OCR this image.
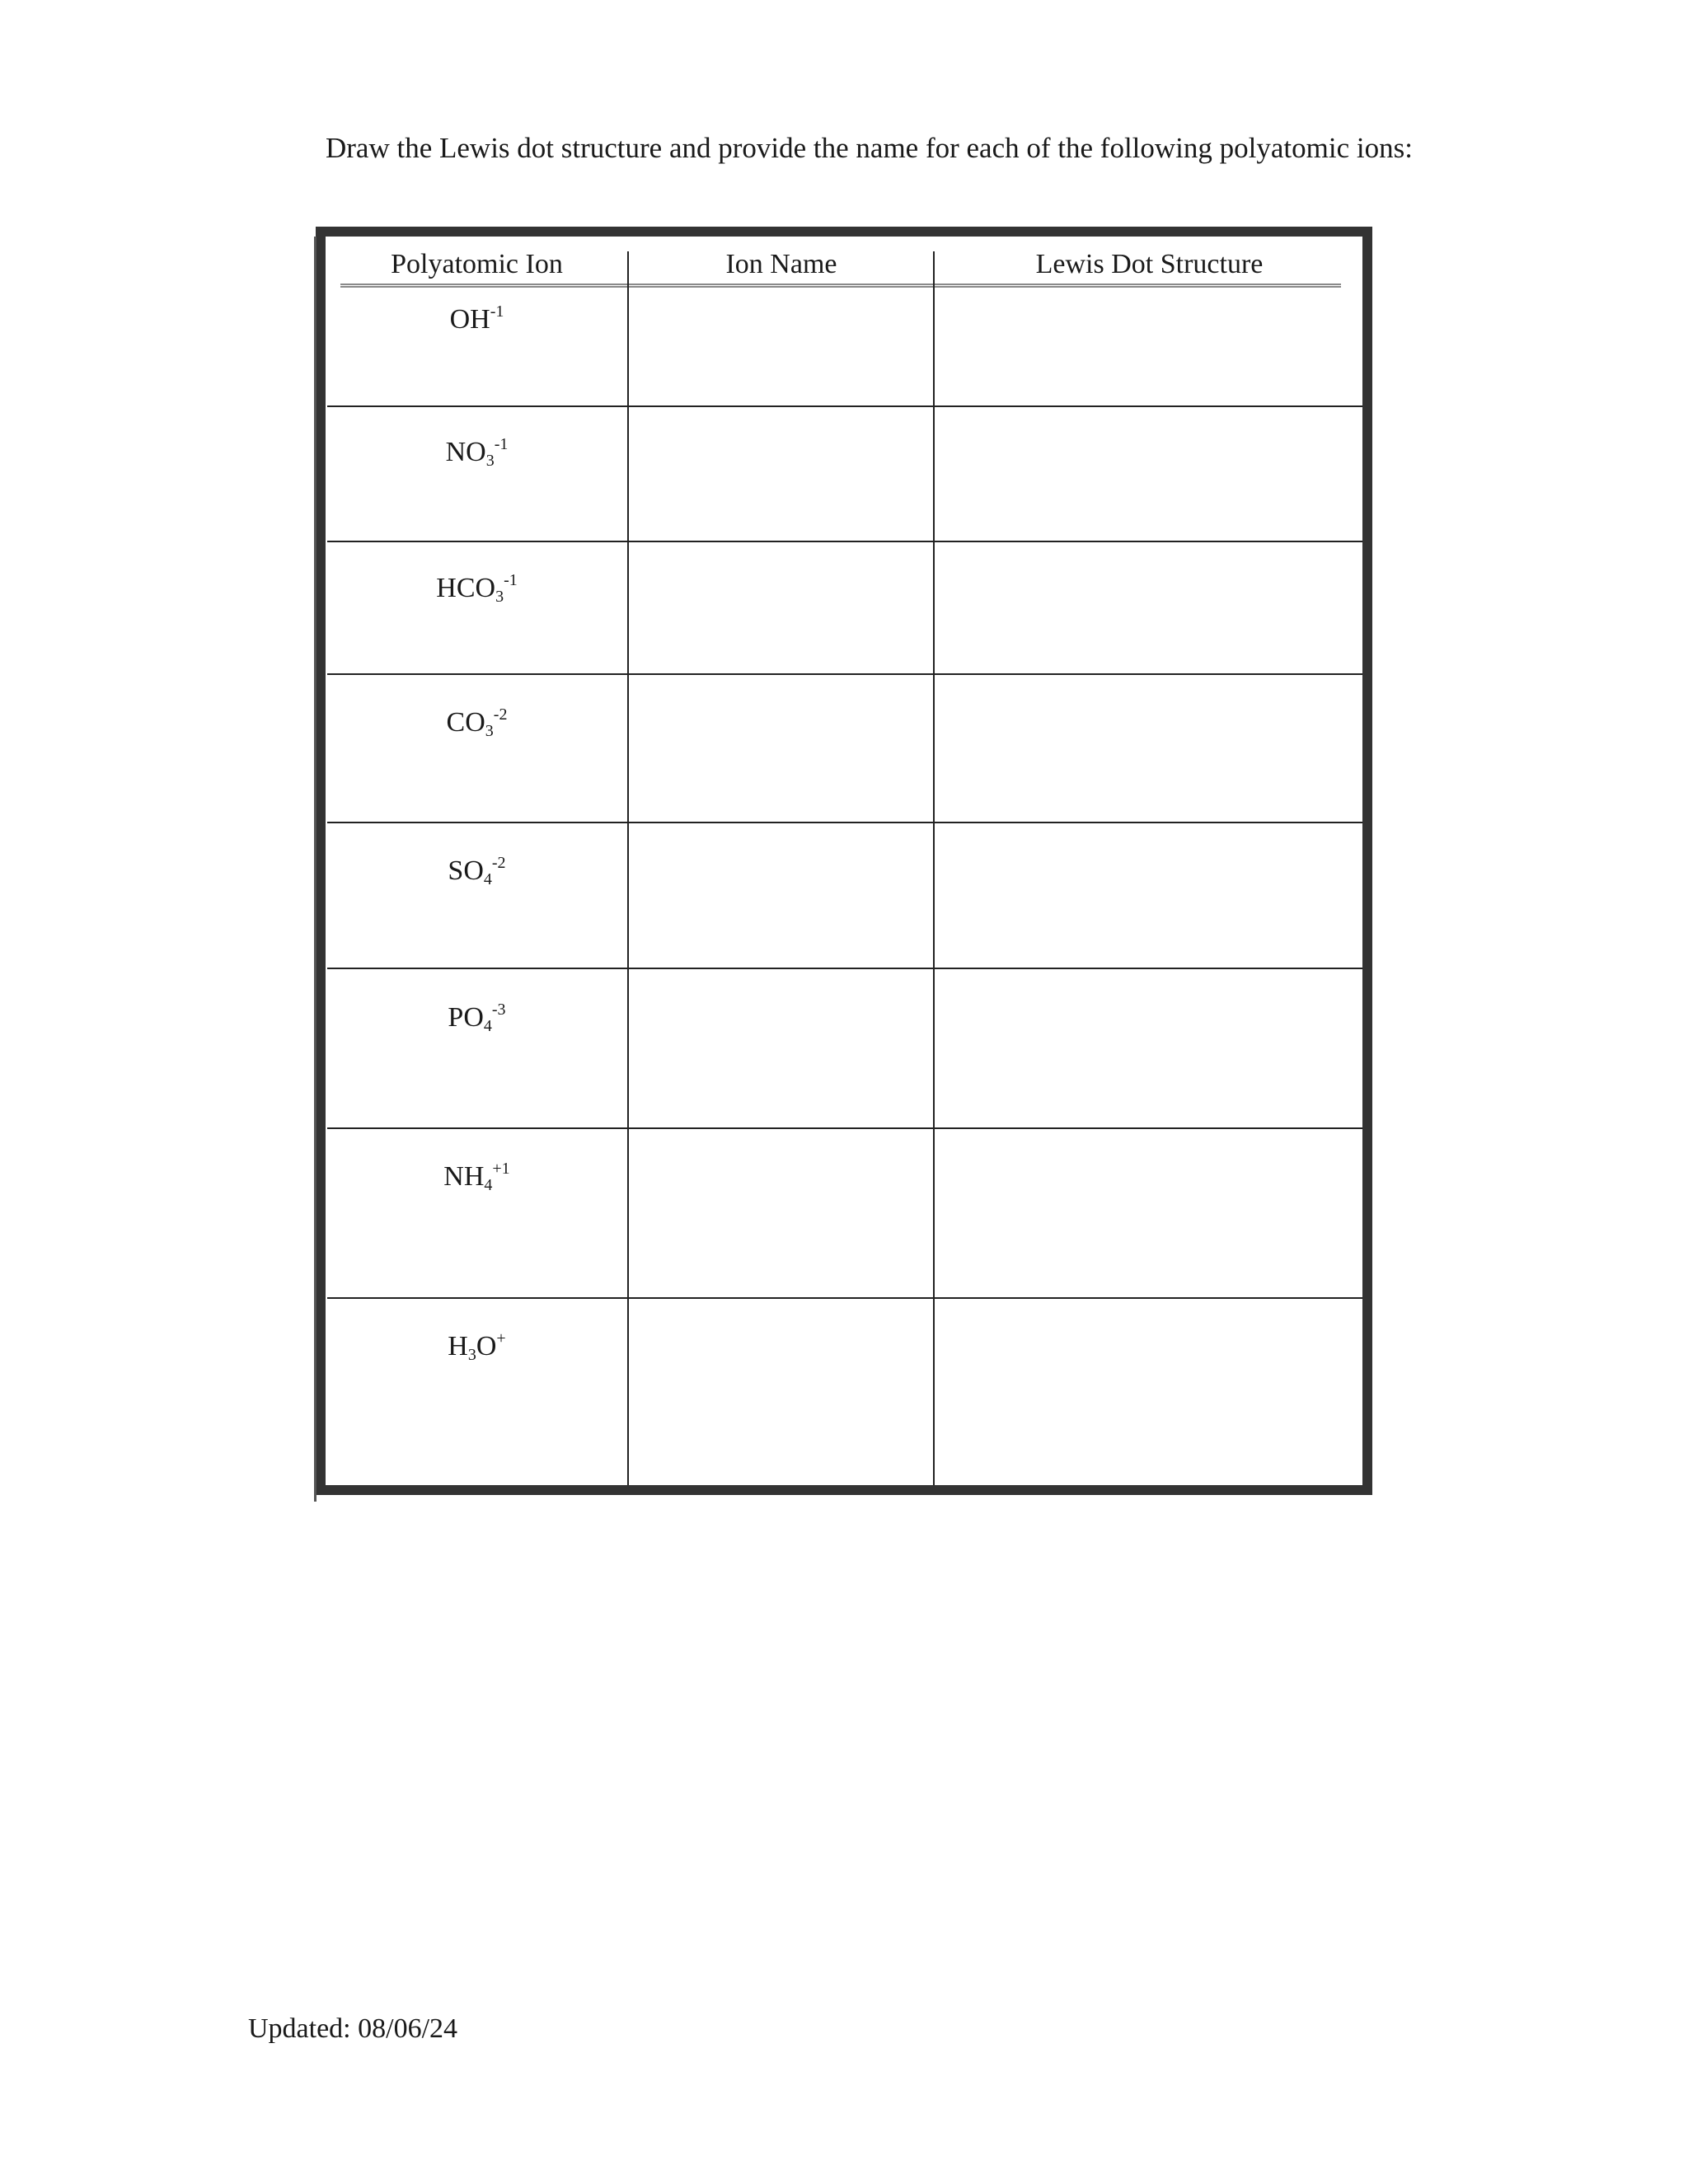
Draw the Lewis dot structure and provide the name for each of the following polyatomic ions:

Polyatomic Ion	Ion Name	Lewis Dot Structure
$OH^{-1}$
$NO_3^{-1}$
$HCO_3^{-1}$
$CO_3^{-2}$
$SO_4^{-2}$
$PO_4^{-3}$
$NH_4^{+1}$
$H_3O^+$

Updated: 08/06/24
